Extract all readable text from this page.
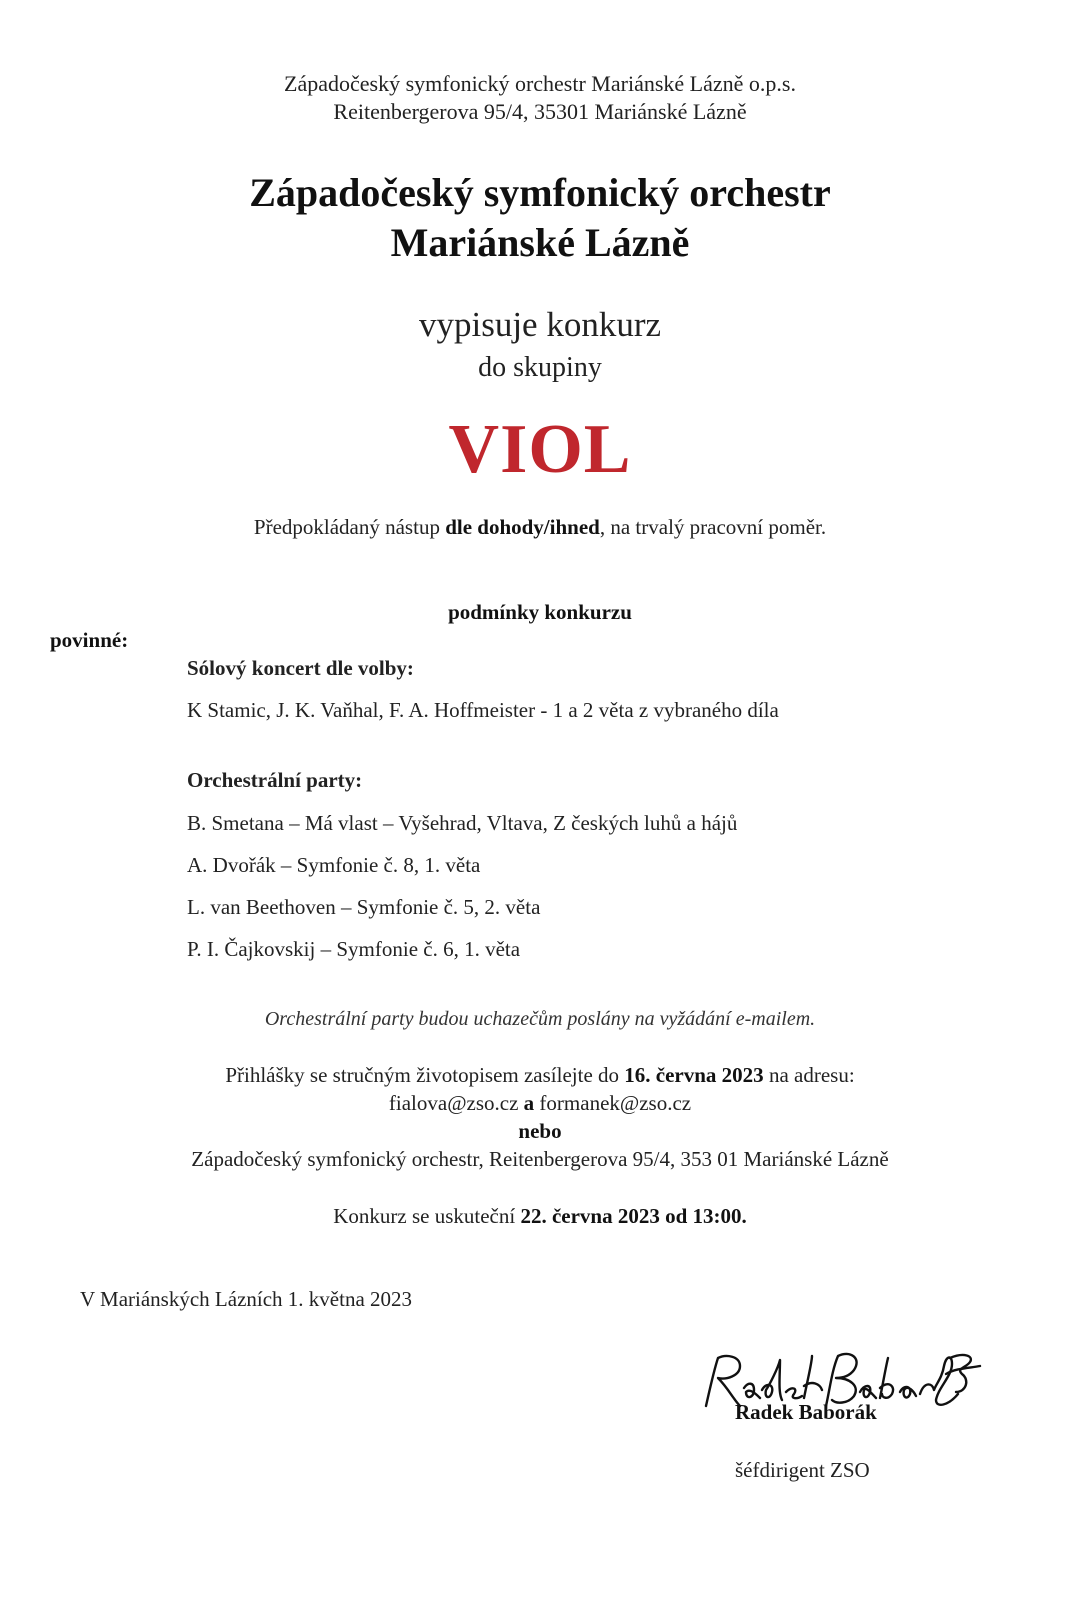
Západočeský symfonický orchestr Mariánské Lázně o.p.s.
Reitenbergerova 95/4, 35301 Mariánské Lázně
Západočeský symfonický orchestr
Mariánské Lázně
vypisuje konkurz
do skupiny
VIOL
Předpokládaný nástup dle dohody/ihned, na trvalý pracovní poměr.
podmínky konkurzu
povinné:
Sólový koncert dle volby:
K Stamic, J. K. Vaňhal, F. A. Hoffmeister - 1 a 2 věta z vybraného díla
Orchestrální party:
B. Smetana – Má vlast – Vyšehrad, Vltava, Z českých luhů a hájů
A. Dvořák – Symfonie č. 8, 1. věta
L. van Beethoven – Symfonie č. 5, 2. věta
P. I. Čajkovskij – Symfonie č. 6, 1. věta
Orchestrální party budou uchazečům poslány na vyžádání e-mailem.
Přihlášky se stručným životopisem zasílejte do 16. června 2023 na adresu:
fialova@zso.cz a formanek@zso.cz
nebo
Západočeský symfonický orchestr, Reitenbergerova 95/4, 353 01 Mariánské Lázně
Konkurz se uskuteční 22. června 2023 od 13:00.
V Mariánských Lázních 1. května 2023
Radek Baborák
šéfdirigent ZSO
